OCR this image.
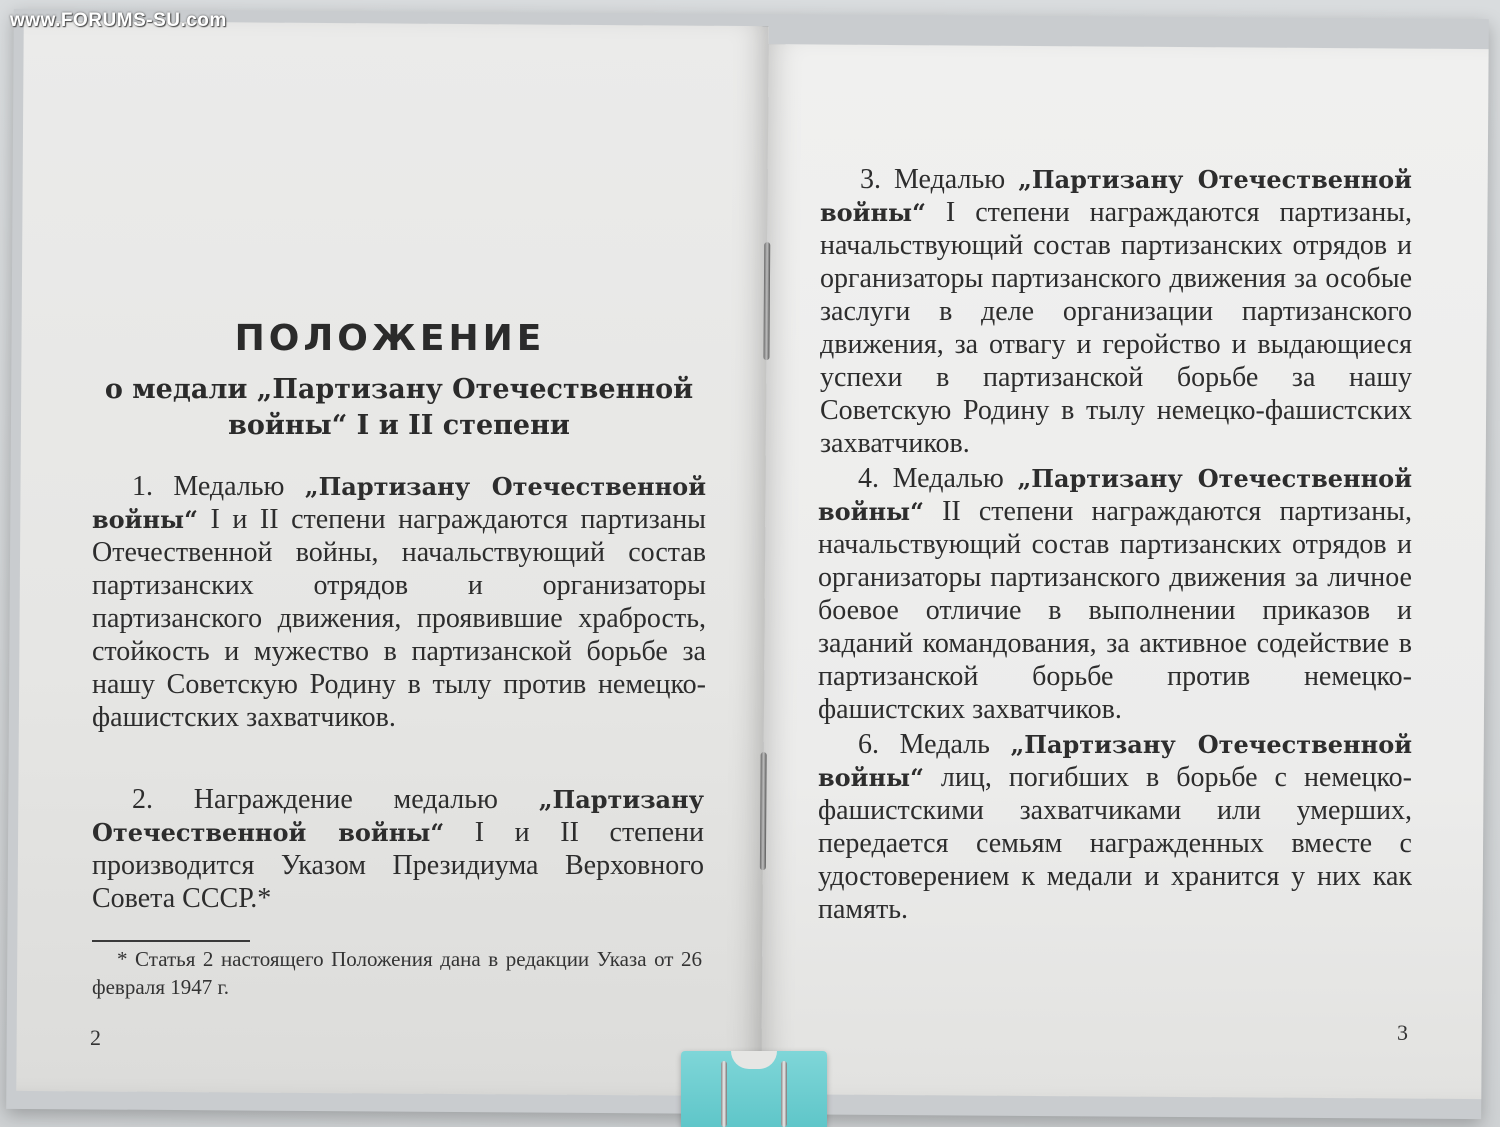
www.FORUMS-SU.com
ПОЛОЖЕНИЕ
о медали „Партизану Отечественной войны“ I и II степени

1. Медалью „Партизану Отечественной войны“ I и II степени награждаются партизаны Отечественной войны, начальствующий состав партизанских отрядов и организаторы партизанского движения, проявившие храбрость, стойкость и мужество в партизанской борьбе за нашу Советскую Родину в тылу против немецко-фашистских захватчиков.

2. Награждение медалью „Партизану Отечественной войны“ I и II степени производится Указом Президиума Верховного Совета СССР.*

* Статья 2 настоящего Положения дана в редакции Указа от 26 февраля 1947 г.
2

3. Медалью „Партизану Отечественной войны“ I степени награждаются партизаны, начальствующий состав партизанских отрядов и организаторы партизанского движения за особые заслуги в деле организации партизанского движения, за отвагу и геройство и выдающиеся успехи в партизанской борьбе за нашу Советскую Родину в тылу немецко-фашистских захватчиков.

4. Медалью „Партизану Отечественной войны“ II степени награждаются партизаны, начальствующий состав партизанских отрядов и организаторы партизанского движения за личное боевое отличие в выполнении приказов и заданий командования, за активное содействие в партизанской борьбе против немецко-фашистских захватчиков.

6. Медаль „Партизану Отечественной войны“ лиц, погибших в борьбе с немецко-фашистскими захватчиками или умерших, передается семьям награжденных вместе с удостоверением к медали и хранится у них как память.

3
